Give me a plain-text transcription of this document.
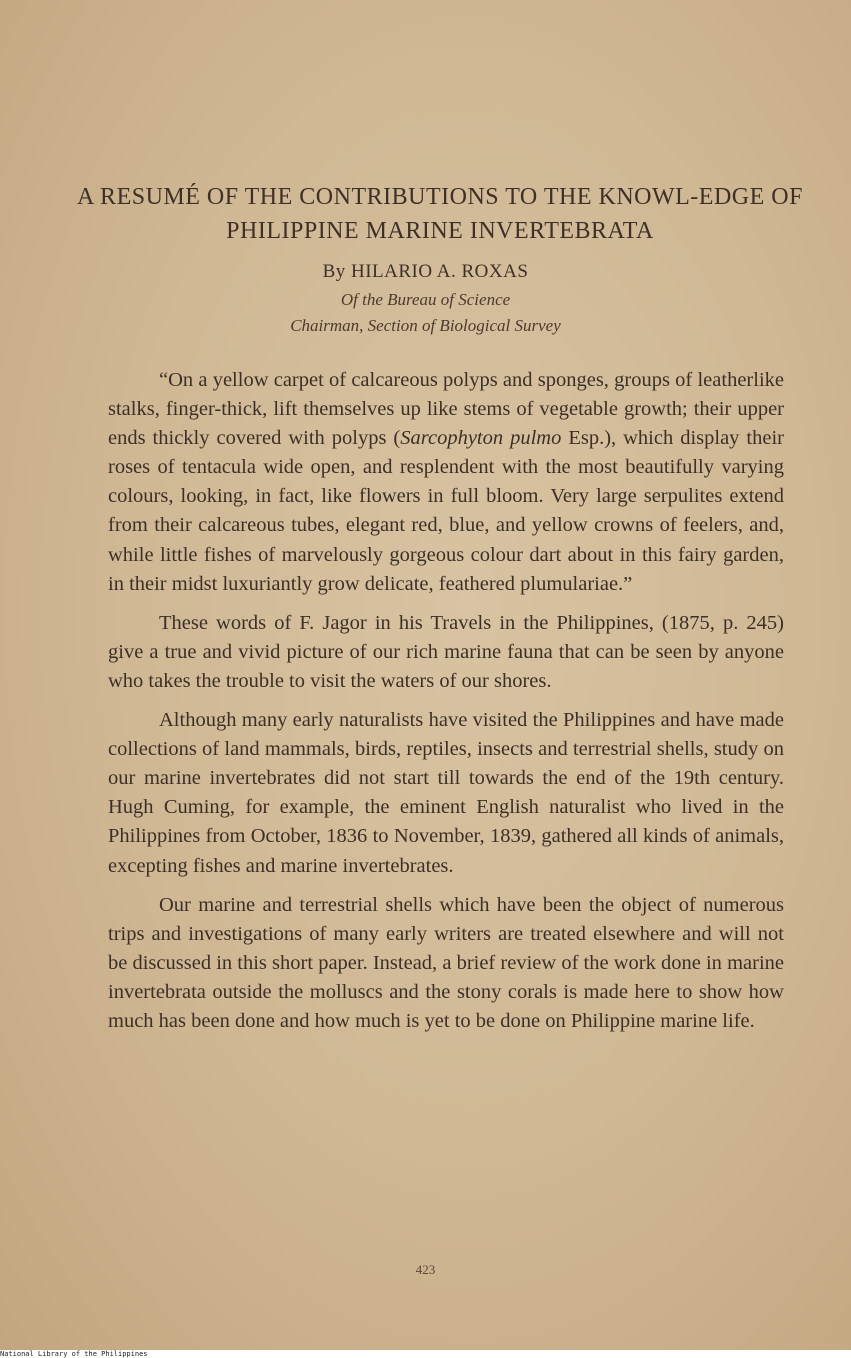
A RESUMÉ OF THE CONTRIBUTIONS TO THE KNOWL-EDGE OF PHILIPPINE MARINE INVERTEBRATA
By HILARIO A. ROXAS
Of the Bureau of Science
Chairman, Section of Biological Survey

“On a yellow carpet of calcareous polyps and sponges, groups of leatherlike stalks, finger-thick, lift themselves up like stems of vegetable growth; their upper ends thickly covered with polyps (Sarcophyton pulmo Esp.), which display their roses of tentacula wide open, and resplendent with the most beautifully varying colours, looking, in fact, like flowers in full bloom. Very large serpulites extend from their calcareous tubes, elegant red, blue, and yellow crowns of feelers, and, while little fishes of marvelously gorgeous colour dart about in this fairy garden, in their midst luxuriantly grow delicate, feathered plumulariae.”

These words of F. Jagor in his Travels in the Philippines, (1875, p. 245) give a true and vivid picture of our rich marine fauna that can be seen by anyone who takes the trouble to visit the waters of our shores.

Although many early naturalists have visited the Philippines and have made collections of land mammals, birds, reptiles, insects and terrestrial shells, study on our marine invertebrates did not start till towards the end of the 19th century. Hugh Cuming, for example, the eminent English naturalist who lived in the Philippines from October, 1836 to November, 1839, gathered all kinds of animals, excepting fishes and marine invertebrates.

Our marine and terrestrial shells which have been the object of numerous trips and investigations of many early writers are treated elsewhere and will not be discussed in this short paper. Instead, a brief review of the work done in marine invertebrata outside the molluscs and the stony corals is made here to show how much has been done and how much is yet to be done on Philippine marine life.

423
National Library of the Philippines
